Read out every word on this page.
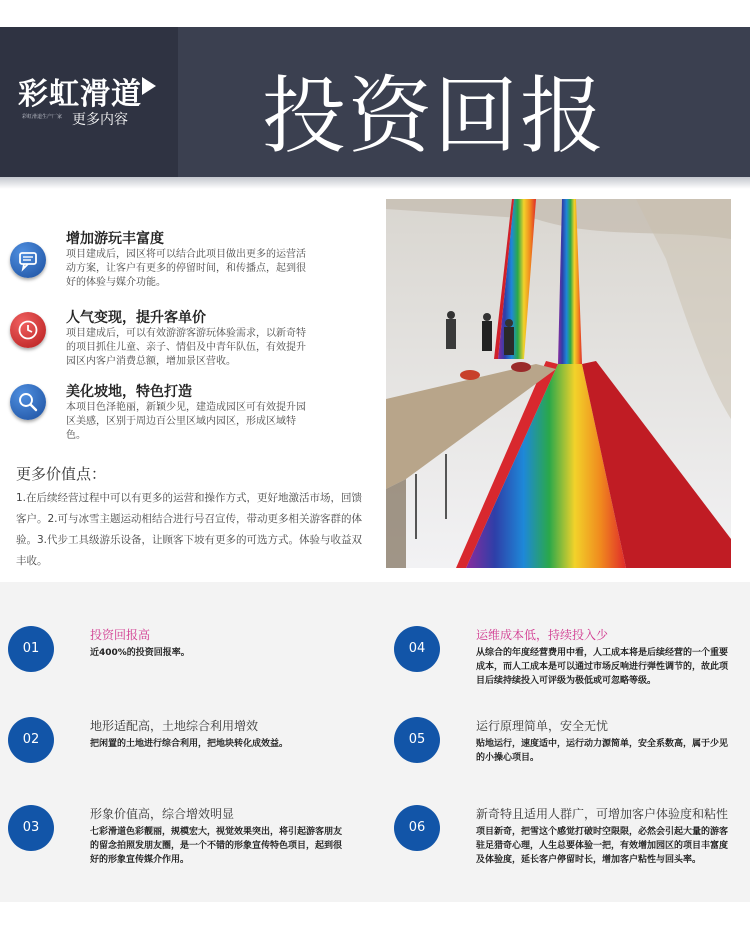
彩虹滑道
彩虹滑道生产厂家 更多内容 投资回报
增加游玩丰富度
项目建成后，园区将可以结合此项目做出更多的运营活动方案，让客户有更多的停留时间，和传播点，起到很好的体验与媒介功能。
人气变现，提升客单价
项目建成后，可以有效游游客游玩体验需求，以新奇特的项目抓住儿童、亲子、情侣及中青年队伍，有效提升园区内客户消费总额，增加景区营收。
美化坡地，特色打造
本项目色泽艳丽，新颖少见，建造成园区可有效提升园区美感，区别于周边百公里区域内园区，形成区域特色。
更多价值点：
1.在后续经营过程中可以有更多的运营和操作方式，更好地激活市场，回馈客户。2.可与冰雪主题运动相结合进行号召宣传，带动更多相关游客群的体验。3.代步工具级游乐设备，让顾客下坡有更多的可选方式。体验与收益双丰收。
01
投资回报高
近400%的投资回报率。	04
运维成本低，持续投入少
从综合的年度经营费用中看，人工成本将是后续经营的一个重要成本，而人工成本是可以通过市场反响进行弹性调节的，故此项目后续持续投入可评级为极低或可忽略等级。
02
地形适配高，土地综合利用增效
把闲置的土地进行综合利用，把地块转化成效益。	05
运行原理简单，安全无忧
贴地运行，速度适中，运行动力源简单，安全系数高，属于少见的小操心项目。
03
形象价值高，综合增效明显
七彩滑道色彩靓丽，规模宏大，视觉效果突出，将引起游客朋友的留念拍照发朋友圈，是一个不错的形象宣传特色项目，起到很好的形象宣传媒介作用。
06
新奇特且适用人群广，可增加客户体验度和粘性
项目新奇，把雪这个感觉打破时空限限，必然会引起大量的游客驻足猎奇心理，人生总要体验一把，有效增加园区的项目丰富度及体验度，延长客户停留时长，增加客户粘性与回头率。
